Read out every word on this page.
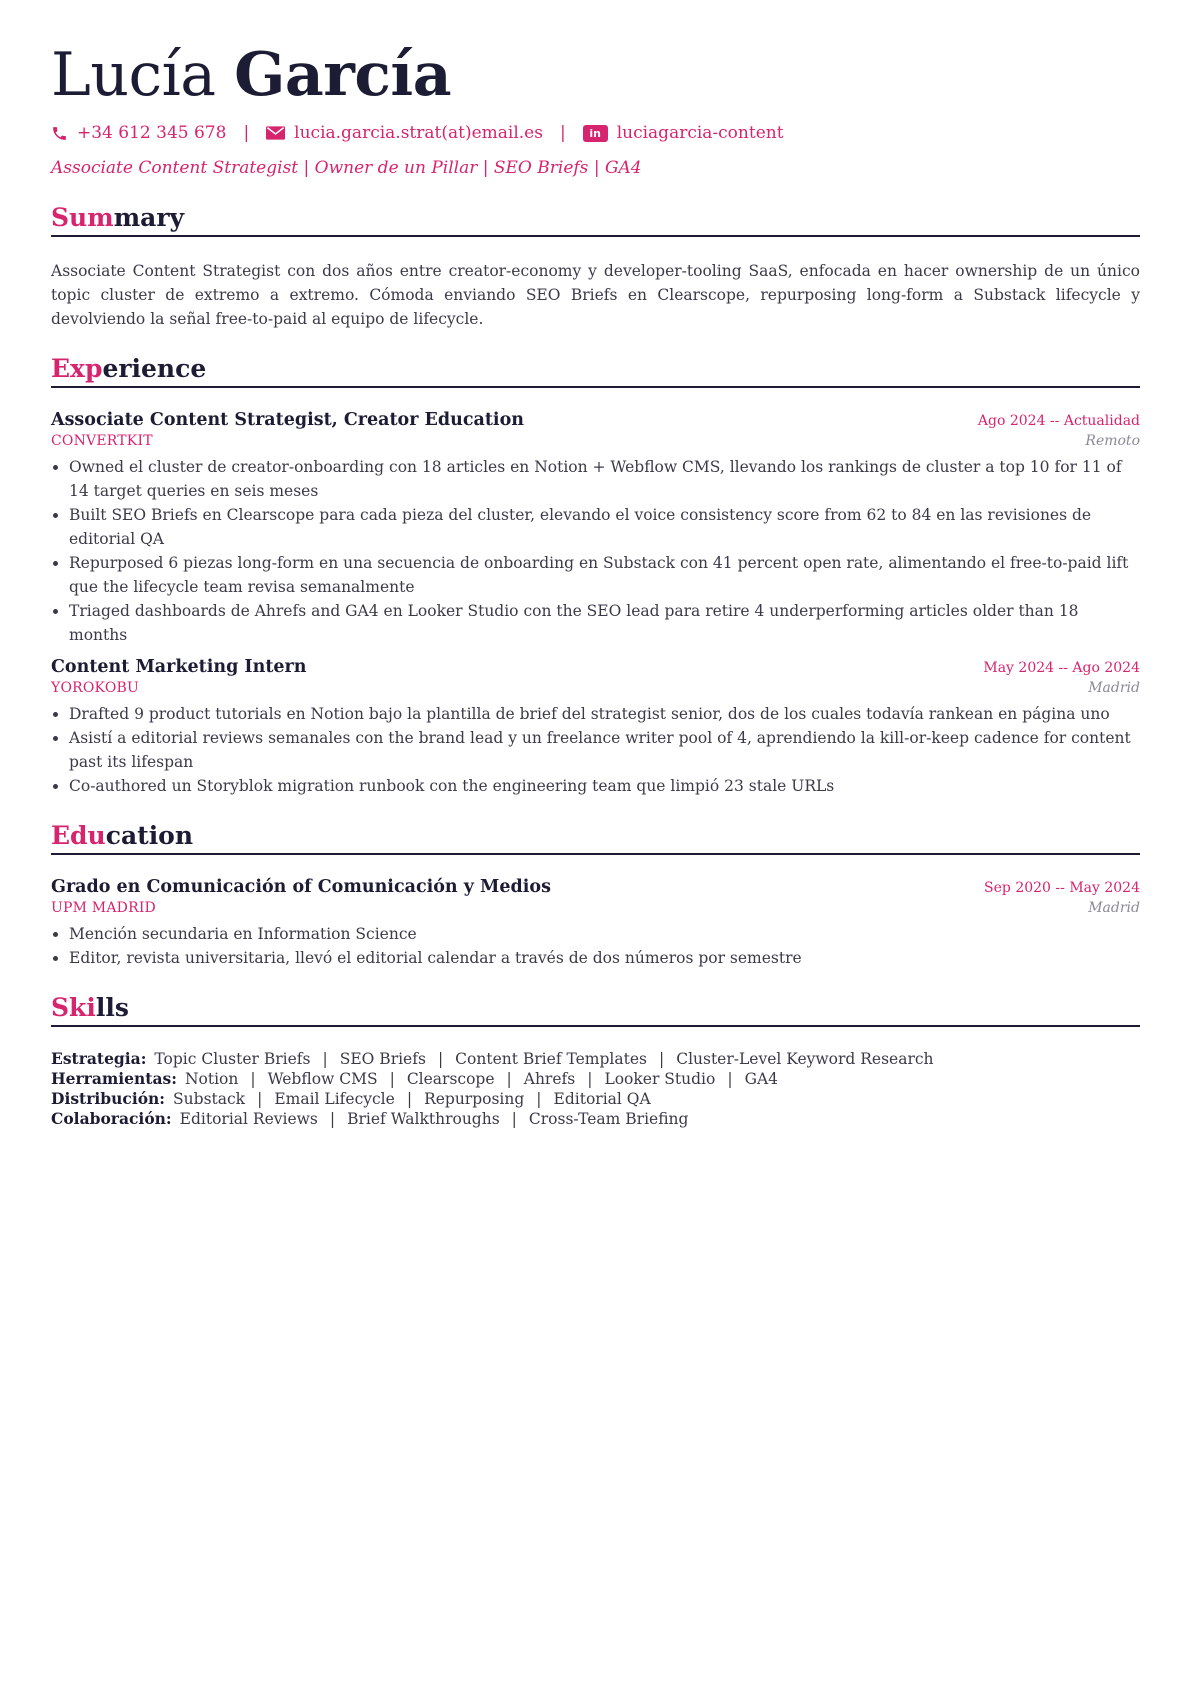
Lucía García
+34 612 345 678 |	lucia.garcia.strat(at)email.es |	in luciagarcia-content
Associate Content Strategist | Owner de un Pillar | SEO Briefs | GA4
Summary
Associate Content Strategist con dos años entre creator-economy y developer-tooling SaaS, enfocada en hacer ownership de un único topic cluster de extremo a extremo. Cómoda enviando SEO Briefs en Clearscope, repurposing long-form a Substack lifecycle y devolviendo la señal free-to-paid al equipo de lifecycle.
Experience
Associate Content Strategist, Creator Education	Ago 2024 -- Actualidad
CONVERTKIT	Remoto
• Owned el cluster de creator-onboarding con 18 articles en Notion + Webflow CMS, llevando los rankings de cluster a top 10 for 11 of 14 target queries en seis meses
• Built SEO Briefs en Clearscope para cada pieza del cluster, elevando el voice consistency score from 62 to 84 en las revisiones de editorial QA
• Repurposed 6 piezas long-form en una secuencia de onboarding en Substack con 41 percent open rate, alimentando el free-to-paid lift que the lifecycle team revisa semanalmente
• Triaged dashboards de Ahrefs and GA4 en Looker Studio con the SEO lead para retire 4 underperforming articles older than 18 months
Content Marketing Intern	May 2024 -- Ago 2024
YOROKOBU	Madrid
• Drafted 9 product tutorials en Notion bajo la plantilla de brief del strategist senior, dos de los cuales todavía rankean en página uno
• Asistí a editorial reviews semanales con the brand lead y un freelance writer pool of 4, aprendiendo la kill-or-keep cadence for content past its lifespan
• Co-authored un Storyblok migration runbook con the engineering team que limpió 23 stale URLs
Education
Grado en Comunicación of Comunicación y Medios	Sep 2020 -- May 2024
UPM MADRID	Madrid
• Mención secundaria en Information Science
• Editor, revista universitaria, llevó el editorial calendar a través de dos números por semestre
Skills
Estrategia: Topic Cluster Briefs | SEO Briefs | Content Brief Templates | Cluster-Level Keyword Research
Herramientas: Notion | Webflow CMS | Clearscope | Ahrefs | Looker Studio | GA4
Distribución: Substack | Email Lifecycle | Repurposing | Editorial QA
Colaboración: Editorial Reviews | Brief Walkthroughs | Cross-Team Briefing
